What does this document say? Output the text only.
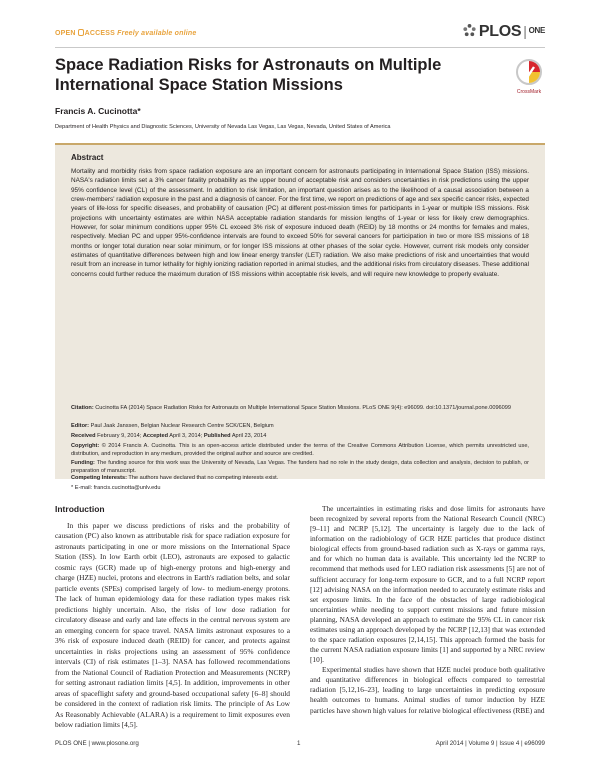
OPEN ACCESS Freely available online	PLOS | ONE
Space Radiation Risks for Astronauts on Multiple International Space Station Missions	CrossMark
Francis A. Cucinotta*
Department of Health Physics and Diagnostic Sciences, University of Nevada Las Vegas, Las Vegas, Nevada, United States of America
Abstract
Mortality and morbidity risks from space radiation exposure are an important concern for astronauts participating in International Space Station (ISS) missions. NASA's radiation limits set a 3% cancer fatality probability as the upper bound of acceptable risk and considers uncertainties in risk predictions using the upper 95% confidence level (CL) of the assessment. In addition to risk limitation, an important question arises as to the likelihood of a causal association between a crew-members' radiation exposure in the past and a diagnosis of cancer. For the first time, we report on predictions of age and sex specific cancer risks, expected years of life-loss for specific diseases, and probability of causation (PC) at different post-mission times for participants in 1-year or multiple ISS missions. Risk projections with uncertainty estimates are within NASA acceptable radiation standards for mission lengths of 1-year or less for likely crew demographics. However, for solar minimum conditions upper 95% CL exceed 3% risk of exposure induced death (REID) by 18 months or 24 months for females and males, respectively. Median PC and upper 95%-confidence intervals are found to exceed 50% for several cancers for participation in two or more ISS missions of 18 months or longer total duration near solar minimum, or for longer ISS missions at other phases of the solar cycle. However, current risk models only consider estimates of quantitative differences between high and low linear energy transfer (LET) radiation. We also make predictions of risk and uncertainties that would result from an increase in tumor lethality for highly ionizing radiation reported in animal studies, and the additional risks from circulatory diseases. These additional concerns could further reduce the maximum duration of ISS missions within acceptable risk levels, and will require new knowledge to properly evaluate.
Citation: Cucinotta FA (2014) Space Radiation Risks for Astronauts on Multiple International Space Station Missions. PLoS ONE 9(4): e96099. doi:10.1371/journal.pone.0096099
Editor: Paul Jaak Janssen, Belgian Nuclear Research Centre SCK/CEN, Belgium
Received February 9, 2014; Accepted April 3, 2014; Published April 23, 2014
Copyright: © 2014 Francis A. Cucinotta. This is an open-access article distributed under the terms of the Creative Commons Attribution License, which permits unrestricted use, distribution, and reproduction in any medium, provided the original author and source are credited.
Funding: The funding source for this work was the University of Nevada, Las Vegas. The funders had no role in the study design, data collection and analysis, decision to publish, or preparation of manuscript.
Competing Interests: The authors have declared that no competing interests exist.
* E-mail: francis.cucinotta@unlv.edu
Introduction

In this paper we discuss predictions of risks and the probability of causation (PC) also known as attributable risk for space radiation exposure for astronauts participating in one or more missions on the International Space Station (ISS). In low Earth orbit (LEO), astronauts are exposed to galactic cosmic rays (GCR) made up of high-energy protons and high-energy and charge (HZE) nuclei, protons and electrons in Earth's radiation belts, and solar particle events (SPEs) comprised largely of low- to medium-energy protons. The lack of human epidemiology data for these radiation types makes risk predictions highly uncertain. Also, the risks of low dose radiation for circulatory disease and early and late effects in the central nervous system are an emerging concern for space travel. NASA limits astronaut exposures to a 3% risk of exposure induced death (REID) for cancer, and protects against uncertainties in risks projections using an assessment of 95% confidence intervals (CI) of risk estimates [1–3]. NASA has followed recommendations from the National Council of Radiation Protection and Measurements (NCRP) for setting astronaut radiation limits [4,5]. In addition, improvements in other areas of spaceflight safety and ground-based occupational safety [6–8] should be considered in the context of radiation risk limits. The principle of As Low As Reasonably Achievable (ALARA) is a requirement to limit exposures even below radiation limits [4,5].

The uncertainties in estimating risks and dose limits for astronauts have been recognized by several reports from the National Research Council (NRC) [9–11] and NCRP [5,12]. The uncertainty is largely due to the lack of information on the radiobiology of GCR HZE particles that produce distinct biological effects from ground-based radiation such as X-rays or gamma rays, and for which no human data is available. This uncertainty led the NCRP to recommend that methods used for LEO radiation risk assessments [5] are not of sufficient accuracy for long-term exposure to GCR, and to a full NCRP report [12] advising NASA on the information needed to accurately estimate risks and set exposure limits. In the face of the obstacles of large radiobiological uncertainties while needing to support current missions and future mission planning, NASA developed an approach to estimate the 95% CL in cancer risk estimates using an approach developed by the NCRP [12,13] that was extended to the space radiation exposures [2,14,15]. This approach formed the basis for the current NASA radiation exposure limits [1] and supported by a NRC review [10].

Experimental studies have shown that HZE nuclei produce both qualitative and quantitative differences in biological effects compared to terrestrial radiation [5,12,16–23], leading to large uncertainties in predicting exposure health outcomes to humans. Animal studies of tumor induction by HZE particles have shown high values for relative biological effectiveness (RBE) and

PLOS ONE | www.plosone.org	1	April 2014 | Volume 9 | Issue 4 | e96099
